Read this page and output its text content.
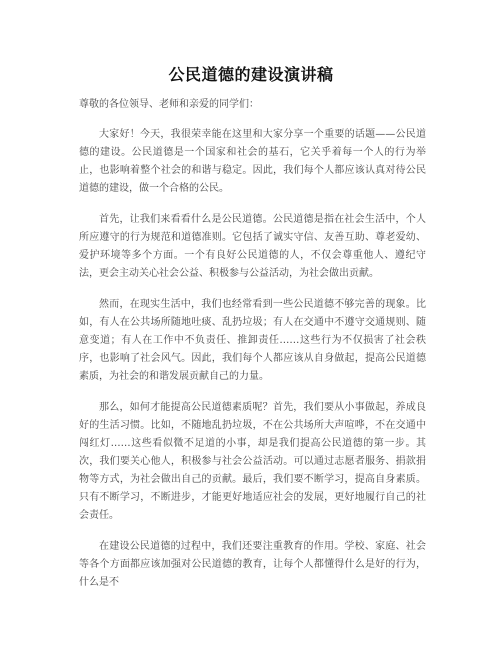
公民道德的建设演讲稿

尊敬的各位领导、老师和亲爱的同学们：

大家好！今天，我很荣幸能在这里和大家分享一个重要的话题——公民道德的建设。公民道德是一个国家和社会的基石，它关乎着每一个人的行为举止，也影响着整个社会的和谐与稳定。因此，我们每个人都应该认真对待公民道德的建设，做一个合格的公民。

首先，让我们来看看什么是公民道德。公民道德是指在社会生活中，个人所应遵守的行为规范和道德准则。它包括了诚实守信、友善互助、尊老爱幼、爱护环境等多个方面。一个有良好公民道德的人，不仅会尊重他人、遵纪守法，更会主动关心社会公益、积极参与公益活动，为社会做出贡献。

然而，在现实生活中，我们也经常看到一些公民道德不够完善的现象。比如，有人在公共场所随地吐痰、乱扔垃圾；有人在交通中不遵守交通规则、随意变道；有人在工作中不负责任、推卸责任……这些行为不仅损害了社会秩序，也影响了社会风气。因此，我们每个人都应该从自身做起，提高公民道德素质，为社会的和谐发展贡献自己的力量。

那么，如何才能提高公民道德素质呢？首先，我们要从小事做起，养成良好的生活习惯。比如，不随地乱扔垃圾，不在公共场所大声喧哗，不在交通中闯红灯……这些看似微不足道的小事，却是我们提高公民道德的第一步。其次，我们要关心他人，积极参与社会公益活动。可以通过志愿者服务、捐款捐物等方式，为社会做出自己的贡献。最后，我们要不断学习，提高自身素质。只有不断学习，不断进步，才能更好地适应社会的发展，更好地履行自己的社会责任。

在建设公民道德的过程中，我们还要注重教育的作用。学校、家庭、社会等各个方面都应该加强对公民道德的教育，让每个人都懂得什么是好的行为，什么是不
